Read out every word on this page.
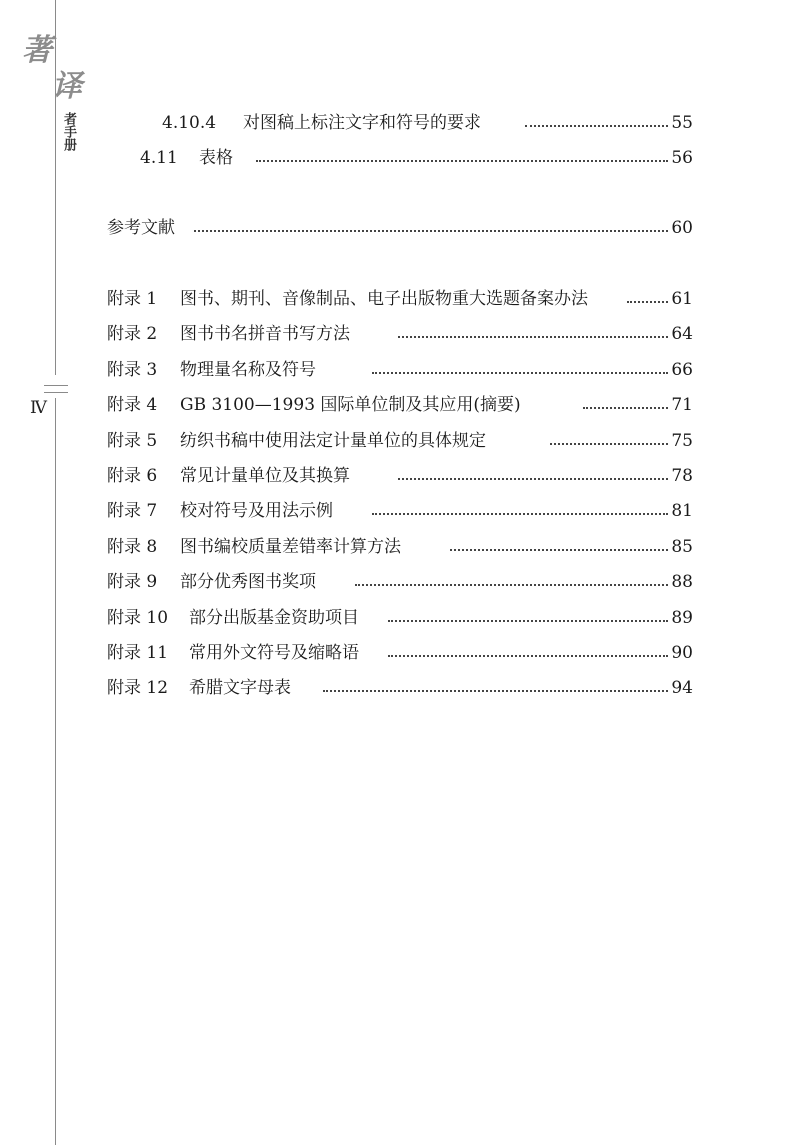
著
译
者手册
Ⅳ
4.10.4 对图稿上标注文字和符号的要求	55
4.11 表格	56
参考文献	60
附录 1 图书、期刊、音像制品、电子出版物重大选题备案办法	61
附录 2 图书书名拼音书写方法	64
附录 3 物理量名称及符号	66
附录 4 GB 3100—1993 国际单位制及其应用(摘要)	71
附录 5 纺织书稿中使用法定计量单位的具体规定	75
附录 6 常见计量单位及其换算	78
附录 7 校对符号及用法示例	81
附录 8 图书编校质量差错率计算方法	85
附录 9 部分优秀图书奖项	88
附录 10 部分出版基金资助项目	89
附录 11 常用外文符号及缩略语	90
附录 12 希腊文字母表	94
